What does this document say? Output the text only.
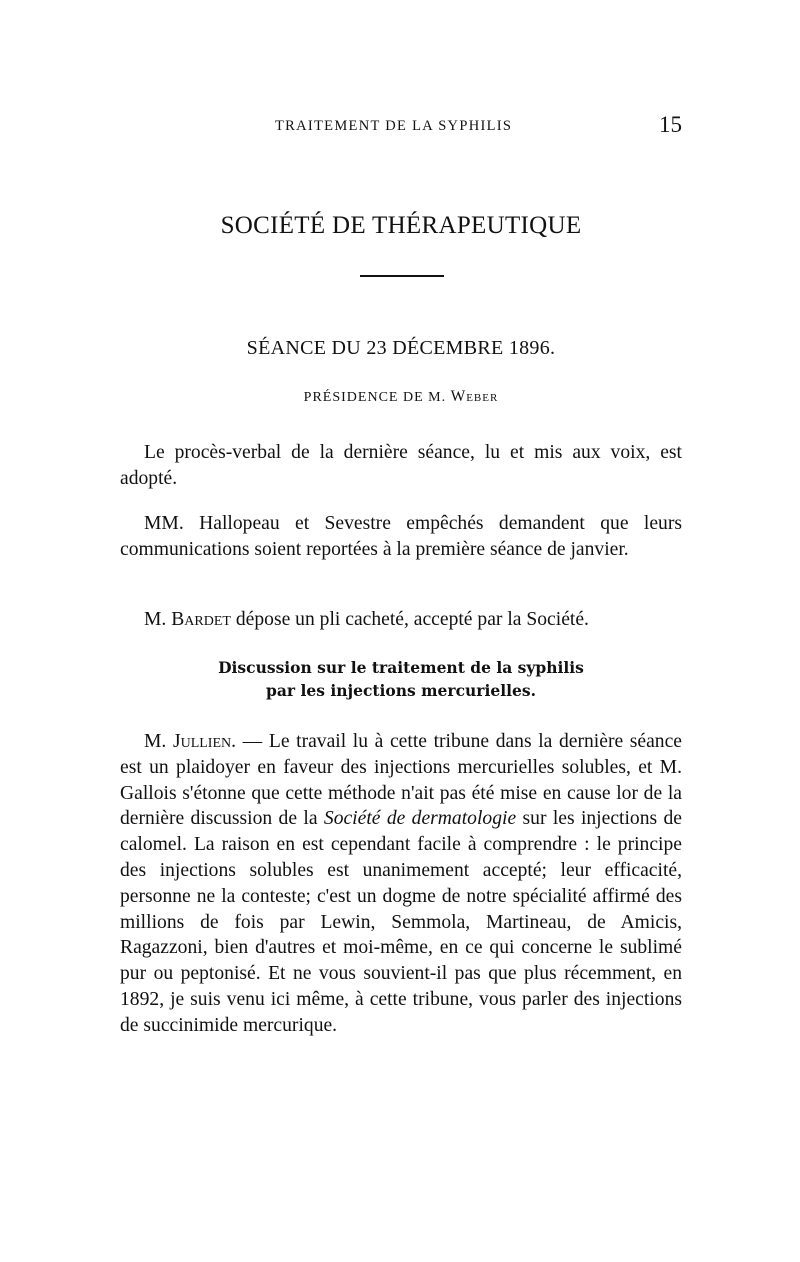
TRAITEMENT DE LA SYPHILIS	15
SOCIÉTÉ DE THÉRAPEUTIQUE
SÉANCE DU 23 DÉCEMBRE 1896.
PRÉSIDENCE DE M. Weber
Le procès-verbal de la dernière séance, lu et mis aux voix, est adopté.
MM. Hallopeau et Sevestre empêchés demandent que leurs communications soient reportées à la première séance de janvier.
M. Bardet dépose un pli cacheté, accepté par la Société.
Discussion sur le traitement de la syphilis
par les injections mercurielles.
M. Jullien. — Le travail lu à cette tribune dans la dernière séance est un plaidoyer en faveur des injections mercurielles solubles, et M. Gallois s'étonne que cette méthode n'ait pas été mise en cause lor de la dernière discussion de la Société de dermatologie sur les injections de calomel. La raison en est cependant facile à comprendre : le principe des injections solubles est unanimement accepté; leur efficacité, personne ne la conteste; c'est un dogme de notre spécialité affirmé des millions de fois par Lewin, Semmola, Martineau, de Amicis, Ragazzoni, bien d'autres et moi-même, en ce qui concerne le sublimé pur ou peptonisé. Et ne vous souvient-il pas que plus récemment, en 1892, je suis venu ici même, à cette tribune, vous parler des injections de succinimide mercurique.
